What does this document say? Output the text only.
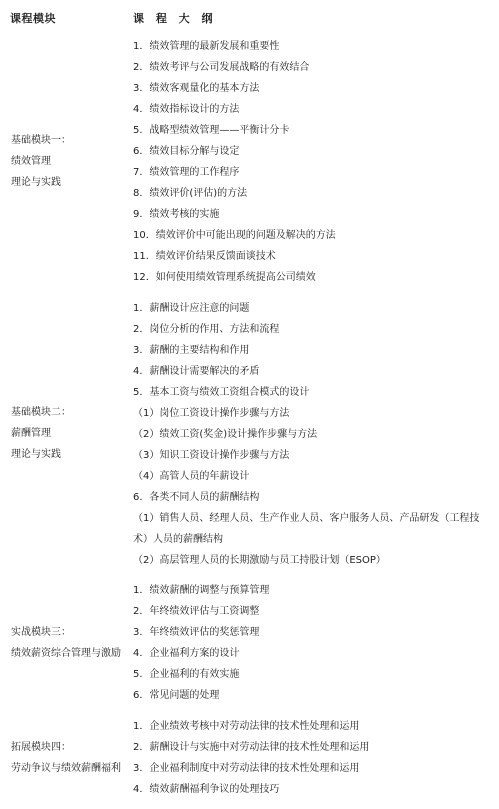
课程模块	课 程 大 纲
基础模块一：
绩效管理
理论与实践
1．绩效管理的最新发展和重要性
2．绩效考评与公司发展战略的有效结合
3．绩效客观量化的基本方法
4．绩效指标设计的方法
5．战略型绩效管理——平衡计分卡
6．绩效目标分解与设定
7．绩效管理的工作程序
8．绩效评价(评估)的方法
9．绩效考核的实施
10．绩效评价中可能出现的问题及解决的方法
11．绩效评价结果反馈面谈技术
12．如何使用绩效管理系统提高公司绩效
基础模块二：
薪酬管理
理论与实践
1．薪酬设计应注意的问题
2．岗位分析的作用、方法和流程
3．薪酬的主要结构和作用
4．薪酬设计需要解决的矛盾
5．基本工资与绩效工资组合模式的设计
（1）岗位工资设计操作步骤与方法
（2）绩效工资(奖金)设计操作步骤与方法
（3）知识工资设计操作步骤与方法
（4）高管人员的年薪设计
6．各类不同人员的薪酬结构
（1）销售人员、经理人员、生产作业人员、客户服务人员、产品研发（工程技术）人员的薪酬结构
（2）高层管理人员的长期激励与员工持股计划（ESOP）
实战模块三：
绩效薪资综合管理与激励
1．绩效薪酬的调整与预算管理
2．年终绩效评估与工资调整
3．年终绩效评估的奖惩管理
4．企业福利方案的设计
5．企业福利的有效实施
6．常见问题的处理
拓展模块四：
劳动争议与绩效薪酬福利
1．企业绩效考核中对劳动法律的技术性处理和运用
2．薪酬设计与实施中对劳动法律的技术性处理和运用
3．企业福利制度中对劳动法律的技术性处理和运用
4．绩效薪酬福利争议的处理技巧
